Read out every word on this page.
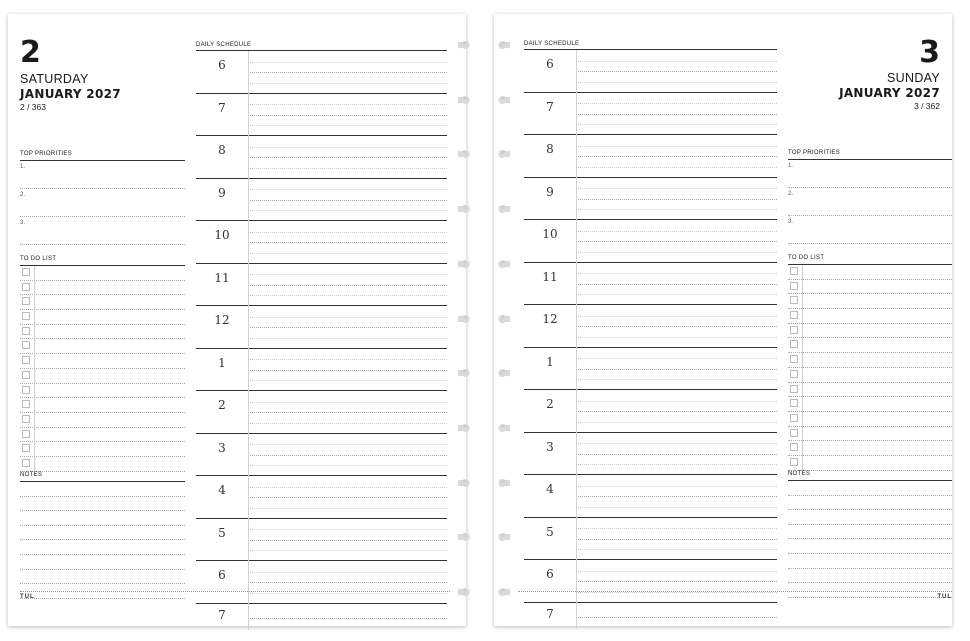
2
SATURDAY
JANUARY 2027
2 / 363
TOP PRIORITIES
1.
2.
3.
TO DO LIST
NOTES
DAILY SCHEDULE
6
7
8
9
10
11
12
1
2
3
4
5
6
7
TUL
3
SUNDAY
JANUARY 2027
3 / 362
DAILY SCHEDULE
6
7
8
9
10
11
12
1
2
3
4
5
6
7
TOP PRIORITIES
1.
2.
3.
TO DO LIST
NOTES
TUL
